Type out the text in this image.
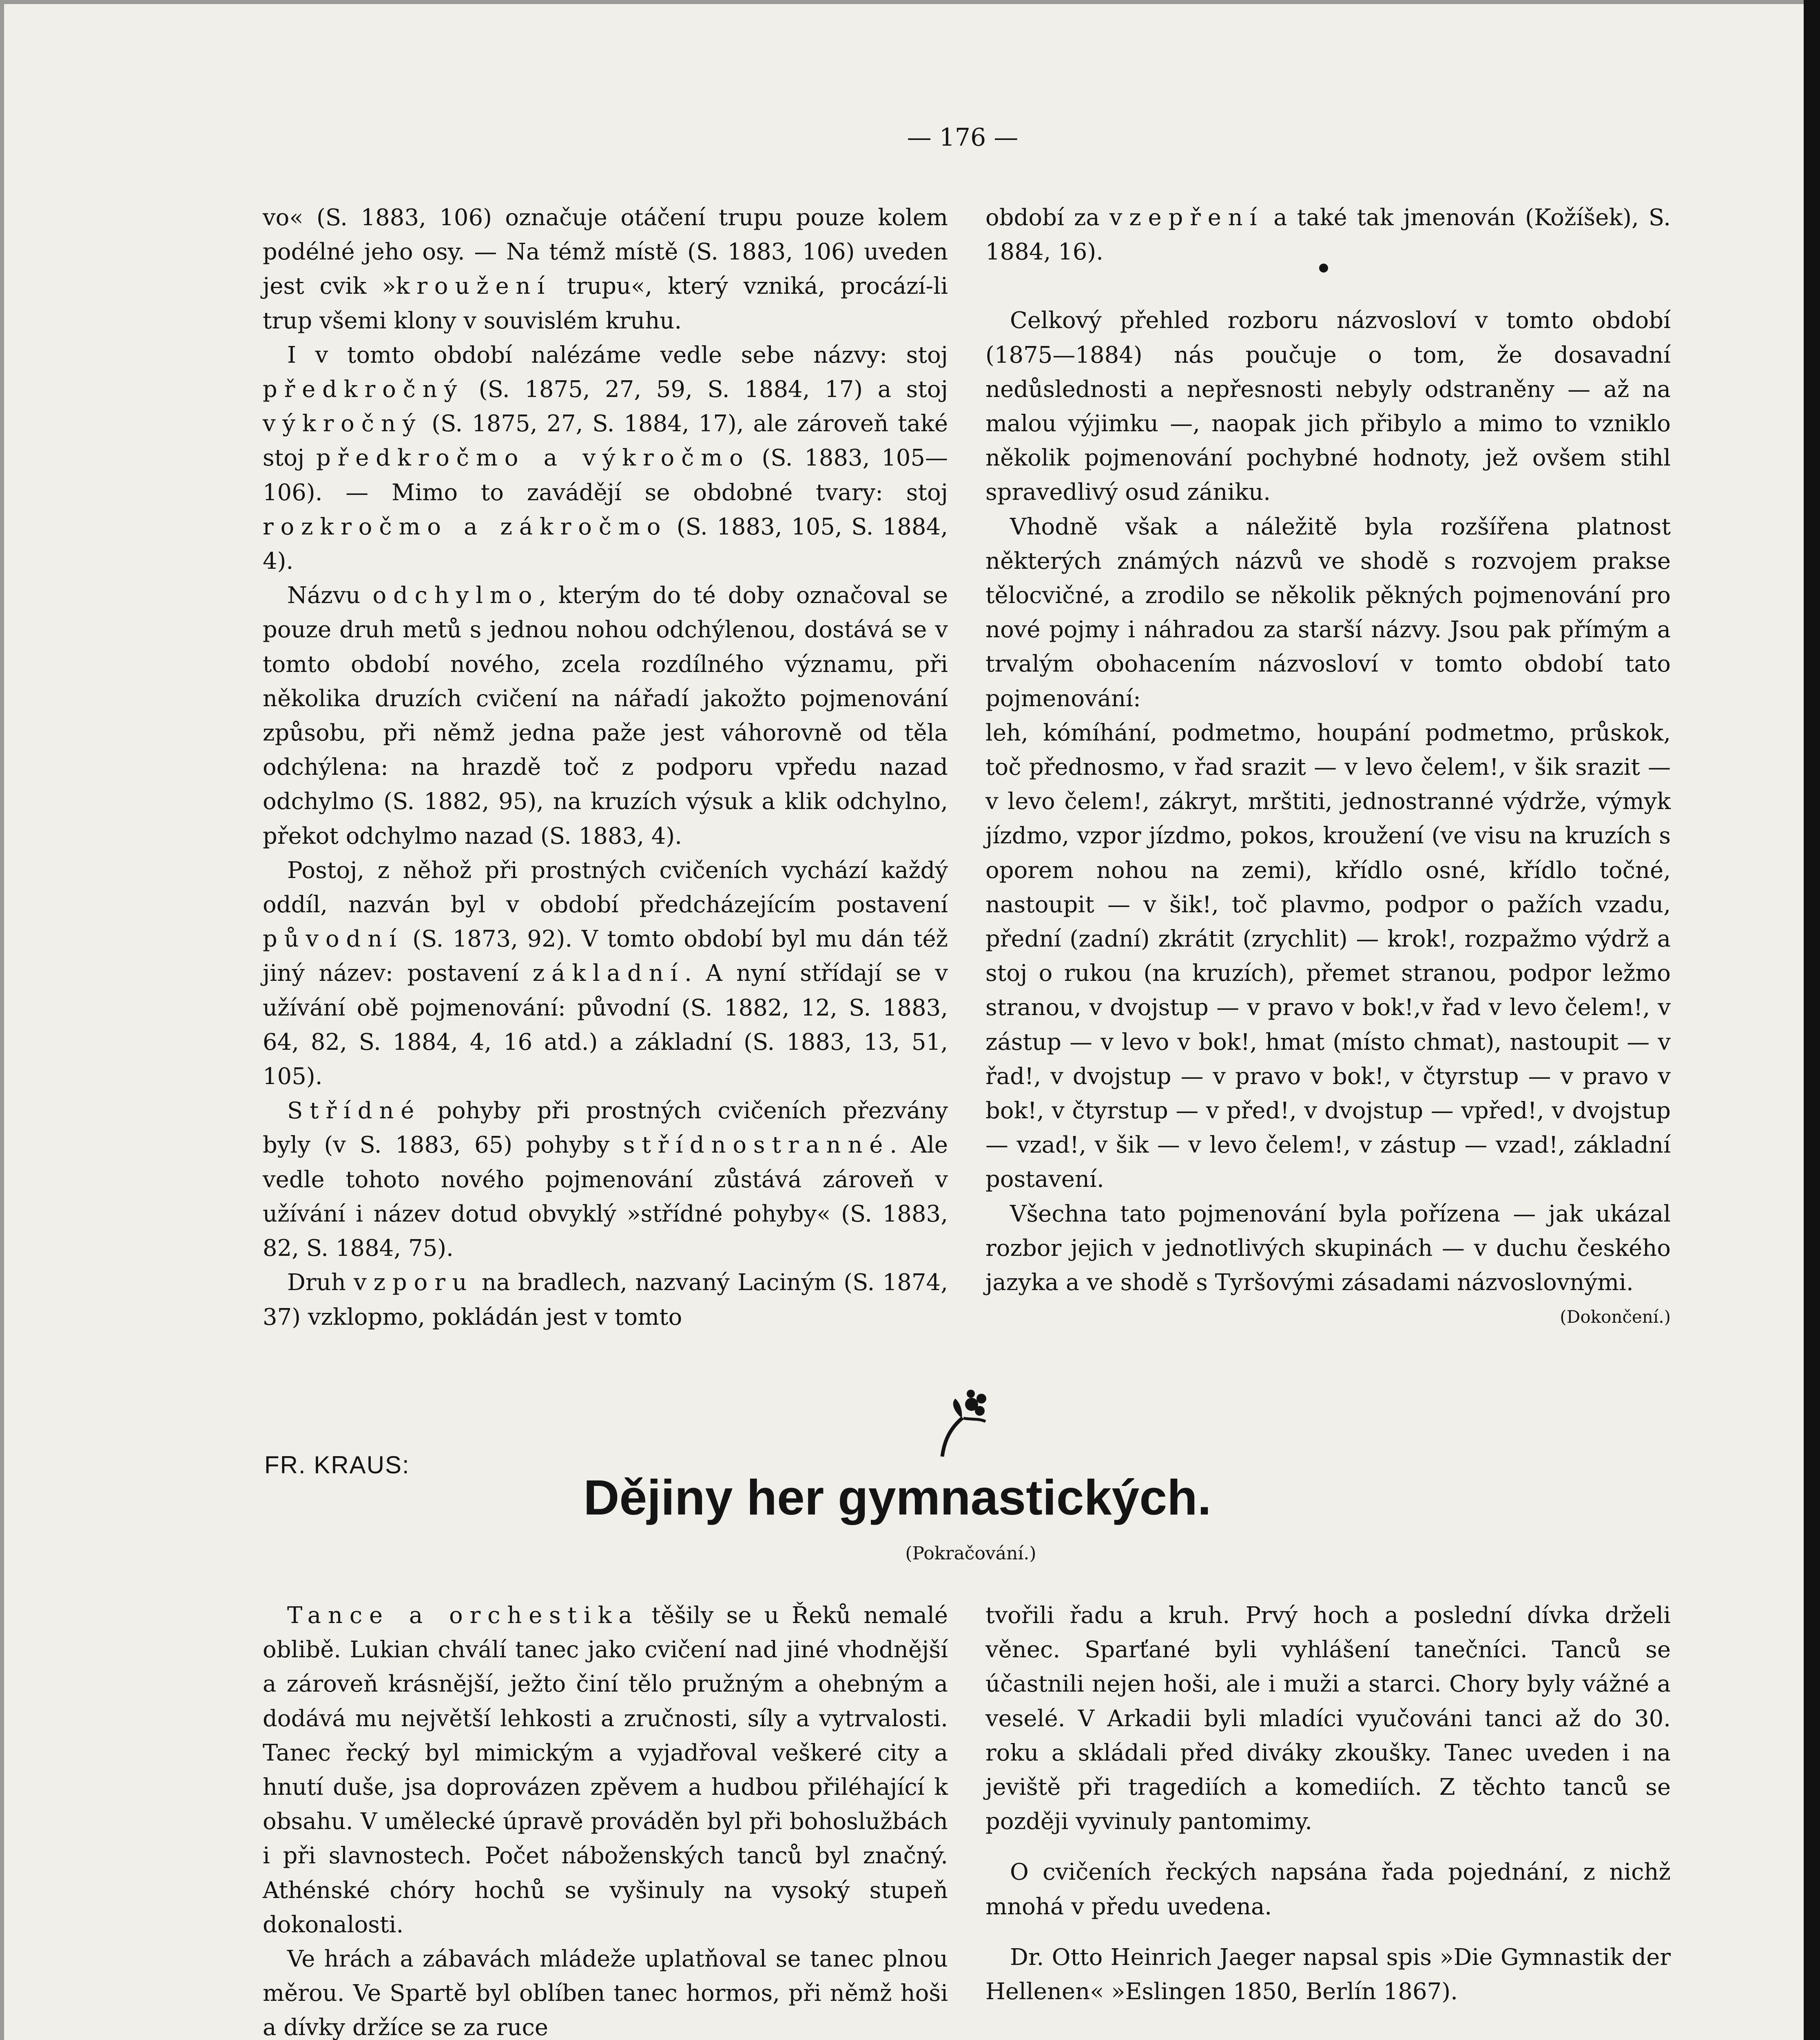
— 176 —

vo« (S. 1883, 106) označuje otáčení trupu pouze kolem podélné jeho osy. — Na témž místě (S. 1883, 106) uveden jest cvik »kroužení trupu«, který vzniká, procází-li trup všemi klony v souvislém kruhu.

I v tomto období nalézáme vedle sebe názvy: stoj předkročný (S. 1875, 27, 59, S. 1884, 17) a stoj výkročný (S. 1875, 27, S. 1884, 17), ale zároveň také stoj předkročmo a výkročmo (S. 1883, 105—106). — Mimo to zavádějí se obdobné tvary: stoj rozkročmo a zákročmo (S. 1883, 105, S. 1884, 4).

Názvu odchylmo, kterým do té doby označoval se pouze druh metů s jednou nohou odchýlenou, dostává se v tomto období nového, zcela rozdílného významu, při několika druzích cvičení na nářadí jakožto pojmenování způsobu, při němž jedna paže jest váhorovně od těla odchýlena: na hrazdě toč z podporu vpředu nazad odchylmo (S. 1882, 95), na kruzích výsuk a klik odchylno, překot odchylmo nazad (S. 1883, 4).

Postoj, z něhož při prostných cvičeních vychází každý oddíl, nazván byl v období předcházejícím postavení původní (S. 1873, 92). V tomto období byl mu dán též jiný název: postavení základní. A nyní střídají se v užívání obě pojmenování: původní (S. 1882, 12, S. 1883, 64, 82, S. 1884, 4, 16 atd.) a základní (S. 1883, 13, 51, 105).

Střídné pohyby při prostných cvičeních přezvány byly (v S. 1883, 65) pohyby střídnostranné. Ale vedle tohoto nového pojmenování zůstává zároveň v užívání i název dotud obvyklý »střídné pohyby« (S. 1883, 82, S. 1884, 75).

Druh vzporu na bradlech, nazvaný Laciným (S. 1874, 37) vzklopmo, pokládán jest v tomto

období za vzepření a také tak jmenován (Kožíšek), S. 1884, 16).

Celkový přehled rozboru názvosloví v tomto období (1875—1884) nás poučuje o tom, že dosavadní nedůslednosti a nepřesnosti nebyly odstraněny — až na malou výjimku —, naopak jich přibylo a mimo to vzniklo několik pojmenování pochybné hodnoty, jež ovšem stihl spravedlivý osud zániku.

Vhodně však a náležitě byla rozšířena platnost některých známých názvů ve shodě s rozvojem prakse tělocvičné, a zrodilo se několik pěkných pojmenování pro nové pojmy i náhradou za starší názvy. Jsou pak přímým a trvalým obohacením názvosloví v tomto období tato pojmenování:

leh, kómíhání, podmetmo, houpání podmetmo, průskok, toč přednosmo, v řad srazit — v levo čelem!, v šik srazit — v levo čelem!, zákryt, mrštiti, jednostranné výdrže, výmyk jízdmo, vzpor jízdmo, pokos, kroužení (ve visu na kruzích s oporem nohou na zemi), křídlo osné, křídlo točné, nastoupit — v šik!, toč plavmo, podpor o pažích vzadu, přední (zadní) zkrátit (zrychlit) — krok!, rozpažmo výdrž a stoj o rukou (na kruzích), přemet stranou, podpor ležmo stranou, v dvojstup — v pravo v bok!,v řad v levo čelem!, v zástup — v levo v bok!, hmat (místo chmat), nastoupit — v řad!, v dvojstup — v pravo v bok!, v čtyrstup — v pravo v bok!, v čtyrstup — v před!, v dvojstup — vpřed!, v dvojstup — vzad!, v šik — v levo čelem!, v zástup — vzad!, základní postavení.

Všechna tato pojmenování byla pořízena — jak ukázal rozbor jejich v jednotlivých skupinách — v duchu českého jazyka a ve shodě s Tyršovými zásadami názvoslovnými.
(Dokončení.)

FR. KRAUS:
Dějiny her gymnastických.
(Pokračování.)

Tance a orchestika těšily se u Řeků nemalé oblibě. Lukian chválí tanec jako cvičení nad jiné vhodnější a zároveň krásnější, ježto činí tělo pružným a ohebným a dodává mu největší lehkosti a zručnosti, síly a vytrvalosti. Tanec řecký byl mimickým a vyjadřoval veškeré city a hnutí duše, jsa doprovázen zpěvem a hudbou přiléhající k obsahu. V umělecké úpravě prováděn byl při bohoslužbách i při slavnostech. Počet náboženských tanců byl značný. Athénské chóry hochů se vyšinuly na vysoký stupeň dokonalosti.

Ve hrách a zábavách mládeže uplatňoval se tanec plnou měrou. Ve Spartě byl oblíben tanec hormos, při němž hoši a dívky držíce se za ruce

tvořili řadu a kruh. Prvý hoch a poslední dívka drželi věnec. Sparťané byli vyhlášení tanečníci. Tanců se účastnili nejen hoši, ale i muži a starci. Chory byly vážné a veselé. V Arkadii byli mladíci vyučováni tanci až do 30. roku a skládali před diváky zkoušky. Tanec uveden i na jeviště při tragediích a komediích. Z těchto tanců se později vyvinuly pantomimy.

O cvičeních řeckých napsána řada pojednání, z nichž mnohá v předu uvedena.

Dr. Otto Heinrich Jaeger napsal spis »Die Gymnastik der Hellenen« »Eslingen 1850, Berlín 1867).
